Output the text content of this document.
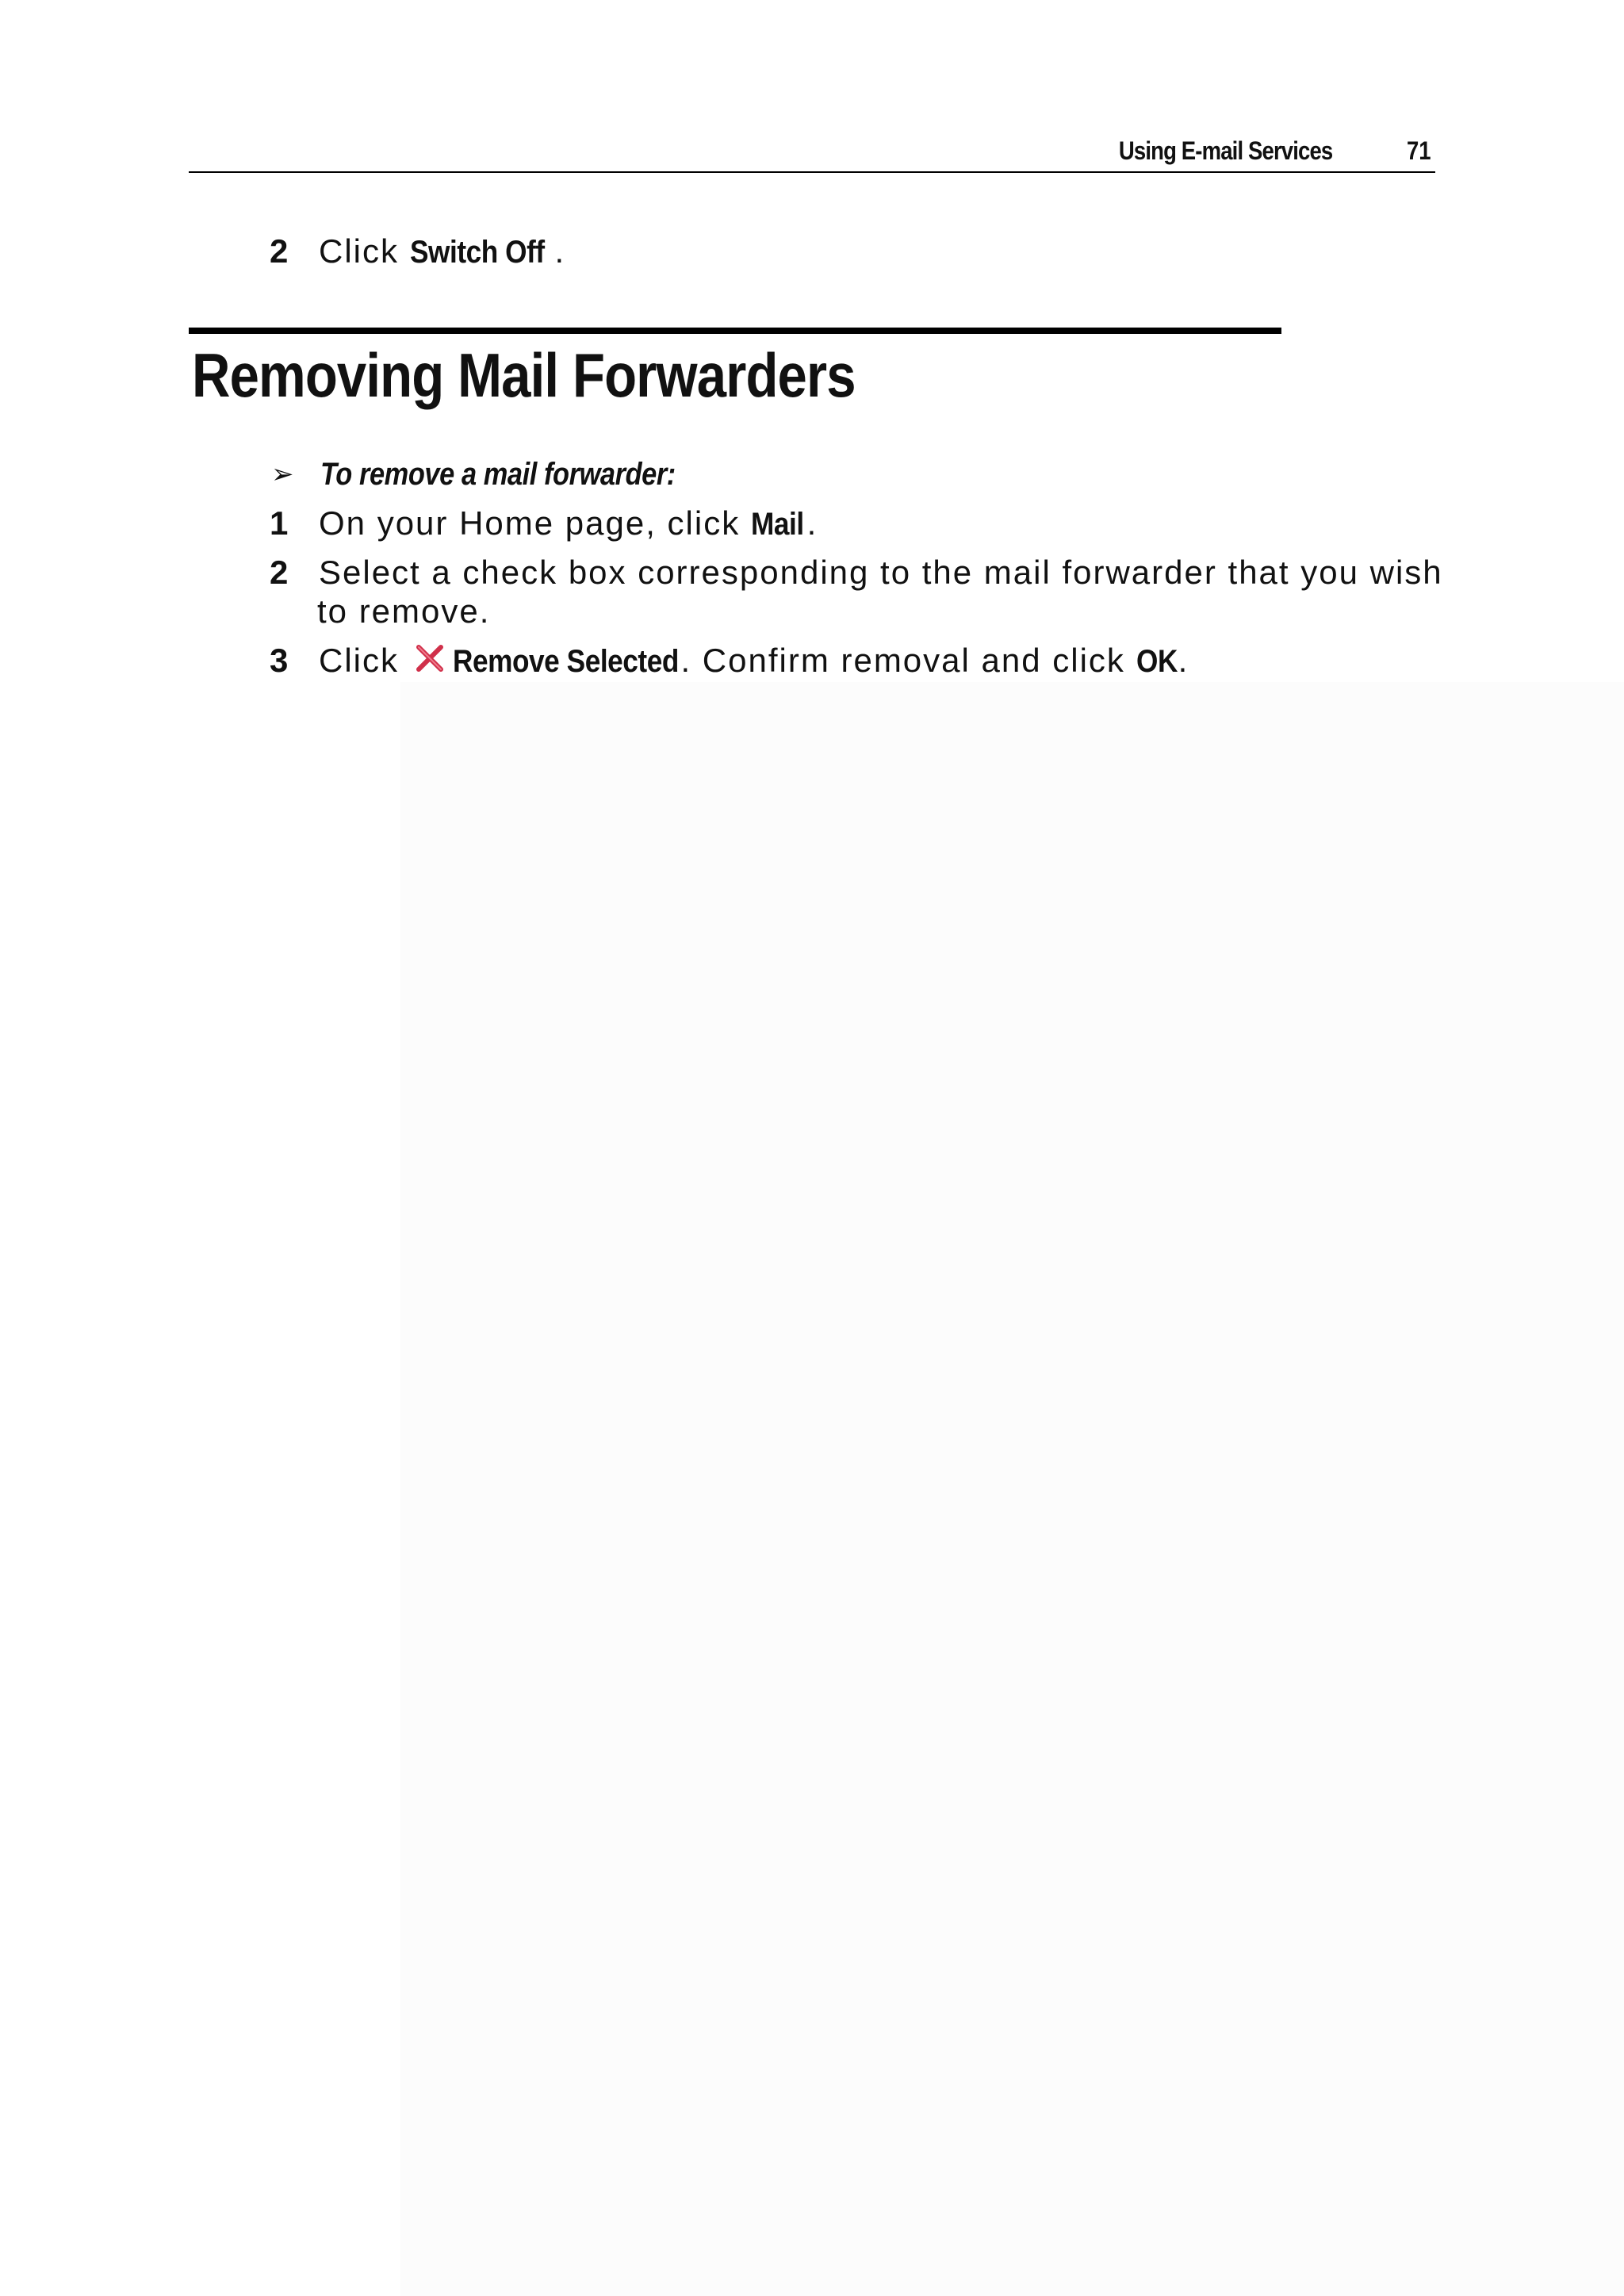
Using E-mail Services	71
2 Click Switch Off .
Removing Mail Forwarders
➢ To remove a mail forwarder:
1 On your Home page, click Mail.
2 Select a check box corresponding to the mail forwarder that you wish
to remove.
3 Click Remove Selected. Confirm removal and click OK.
